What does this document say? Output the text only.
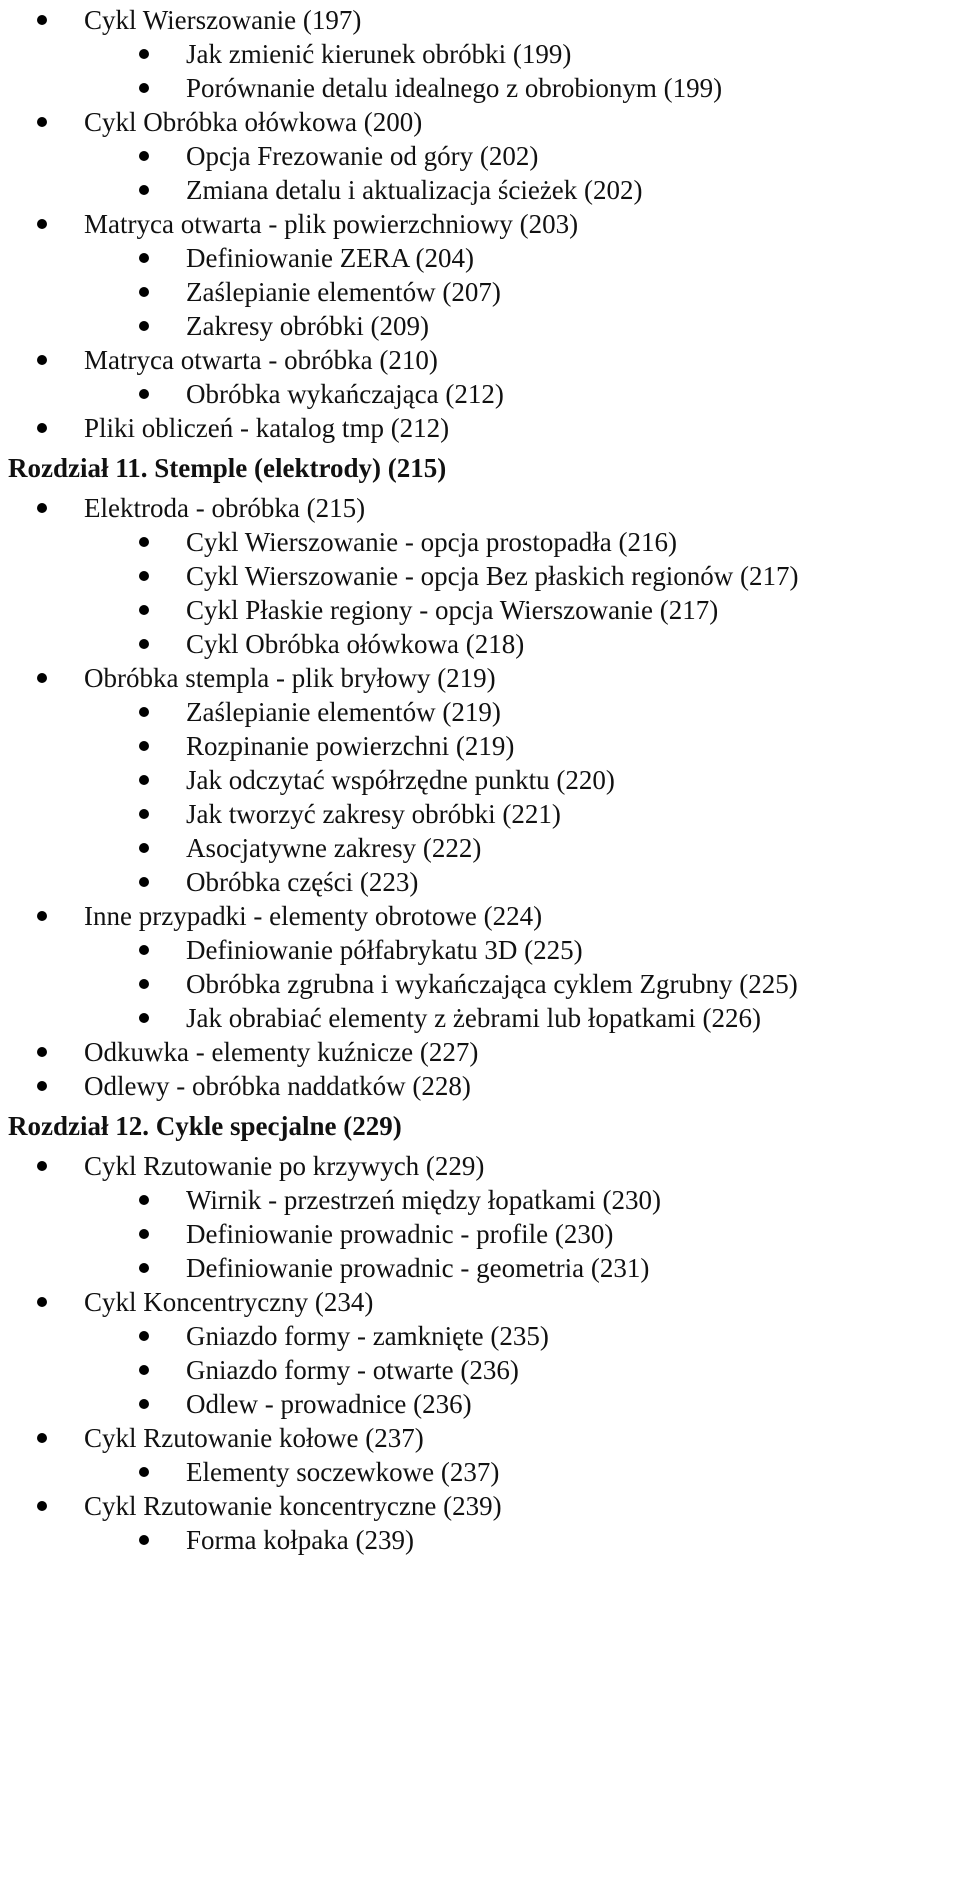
Cykl Wierszowanie (197)
Jak zmienić kierunek obróbki (199)
Porównanie detalu idealnego z obrobionym (199)
Cykl Obróbka ołówkowa (200)
Opcja Frezowanie od góry (202)
Zmiana detalu i aktualizacja ścieżek (202)
Matryca otwarta - plik powierzchniowy (203)
Definiowanie ZERA (204)
Zaślepianie elementów (207)
Zakresy obróbki (209)
Matryca otwarta - obróbka (210)
Obróbka wykańczająca (212)
Pliki obliczeń - katalog tmp (212)
Rozdział 11. Stemple (elektrody) (215)
Elektroda - obróbka (215)
Cykl Wierszowanie - opcja prostopadła (216)
Cykl Wierszowanie - opcja Bez płaskich regionów (217)
Cykl Płaskie regiony - opcja Wierszowanie (217)
Cykl Obróbka ołówkowa (218)
Obróbka stempla - plik bryłowy (219)
Zaślepianie elementów (219)
Rozpinanie powierzchni (219)
Jak odczytać współrzędne punktu (220)
Jak tworzyć zakresy obróbki (221)
Asocjatywne zakresy (222)
Obróbka części (223)
Inne przypadki - elementy obrotowe (224)
Definiowanie półfabrykatu 3D (225)
Obróbka zgrubna i wykańczająca cyklem Zgrubny (225)
Jak obrabiać elementy z żebrami lub łopatkami (226)
Odkuwka - elementy kuźnicze (227)
Odlewy - obróbka naddatków (228)
Rozdział 12. Cykle specjalne (229)
Cykl Rzutowanie po krzywych (229)
Wirnik - przestrzeń między łopatkami (230)
Definiowanie prowadnic - profile (230)
Definiowanie prowadnic - geometria (231)
Cykl Koncentryczny (234)
Gniazdo formy - zamknięte (235)
Gniazdo formy - otwarte (236)
Odlew - prowadnice (236)
Cykl Rzutowanie kołowe (237)
Elementy soczewkowe (237)
Cykl Rzutowanie koncentryczne (239)
Forma kołpaka (239)
